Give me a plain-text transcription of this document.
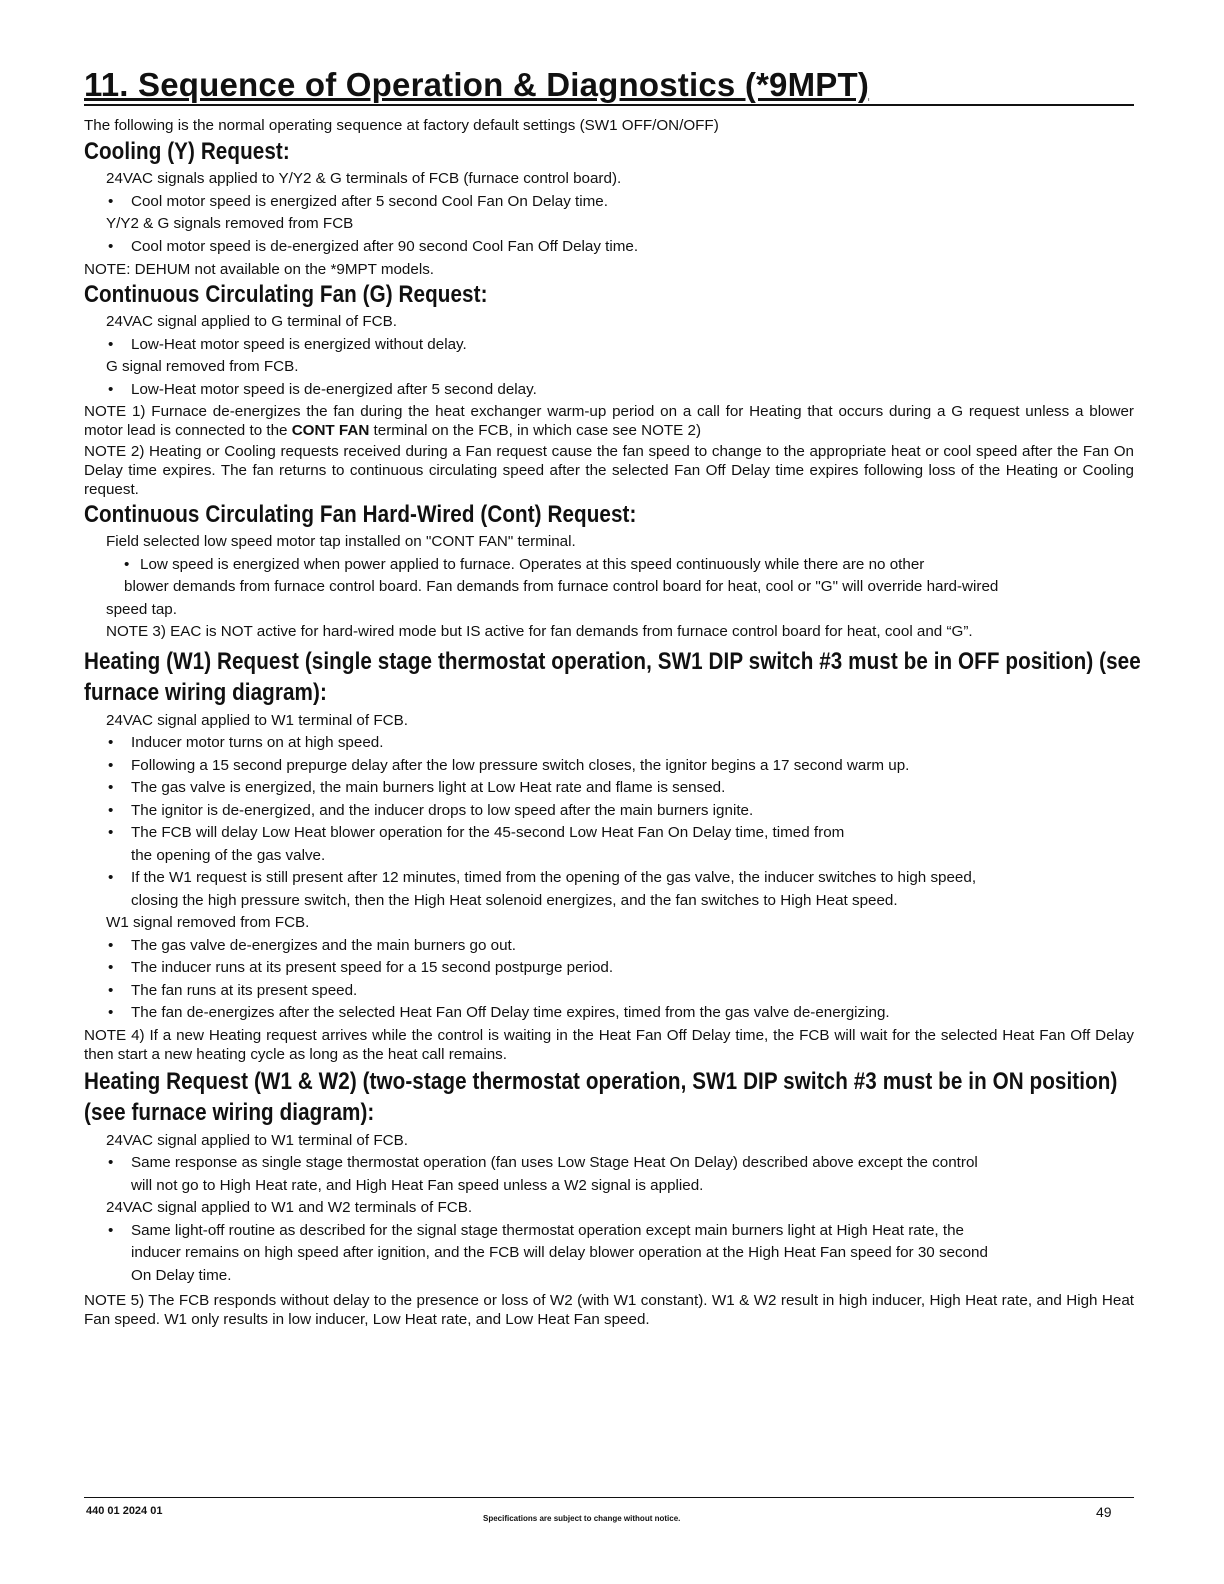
11. Sequence of Operation & Diagnostics (*9MPT)

The following is the normal operating sequence at factory default settings (SW1 OFF/ON/OFF)

Cooling (Y) Request:

24VAC signals applied to Y/Y2 & G terminals of FCB (furnace control board).

• Cool motor speed is energized after 5 second Cool Fan On Delay time.

Y/Y2 & G signals removed from FCB

• Cool motor speed is de-energized after 90 second Cool Fan Off Delay time.

NOTE: DEHUM not available on the *9MPT models.

Continuous Circulating Fan (G) Request:

24VAC signal applied to G terminal of FCB.

• Low-Heat motor speed is energized without delay.

G signal removed from FCB.

• Low-Heat motor speed is de-energized after 5 second delay.

NOTE 1) Furnace de-energizes the fan during the heat exchanger warm-up period on a call for Heating that occurs during a G request unless a blower motor lead is connected to the CONT FAN terminal on the FCB, in which case see NOTE 2)

NOTE 2) Heating or Cooling requests received during a Fan request cause the fan speed to change to the appropriate heat or cool speed after the Fan On Delay time expires. The fan returns to continuous circulating speed after the selected Fan Off Delay time expires following loss of the Heating or Cooling request.

Continuous Circulating Fan Hard-Wired (Cont) Request:

Field selected low speed motor tap installed on "CONT FAN" terminal.

• Low speed is energized when power applied to furnace. Operates at this speed continuously while there are no other

blower demands from furnace control board. Fan demands from furnace control board for heat, cool or "G" will override hard-wired

speed tap.

NOTE 3) EAC is NOT active for hard-wired mode but IS active for fan demands from furnace control board for heat, cool and “G”.

Heating (W1) Request (single stage thermostat operation, SW1 DIP switch #3 must be in OFF position) (see furnace wiring diagram):

24VAC signal applied to W1 terminal of FCB.

• Inducer motor turns on at high speed.

• Following a 15 second prepurge delay after the low pressure switch closes, the ignitor begins a 17 second warm up.

• The gas valve is energized, the main burners light at Low Heat rate and flame is sensed.

• The ignitor is de-energized, and the inducer drops to low speed after the main burners ignite.

• The FCB will delay Low Heat blower operation for the 45-second Low Heat Fan On Delay time, timed from

the opening of the gas valve.

• If the W1 request is still present after 12 minutes, timed from the opening of the gas valve, the inducer switches to high speed,

closing the high pressure switch, then the High Heat solenoid energizes, and the fan switches to High Heat speed.

W1 signal removed from FCB.

• The gas valve de-energizes and the main burners go out.

• The inducer runs at its present speed for a 15 second postpurge period.

• The fan runs at its present speed.

• The fan de-energizes after the selected Heat Fan Off Delay time expires, timed from the gas valve de-energizing.

NOTE 4) If a new Heating request arrives while the control is waiting in the Heat Fan Off Delay time, the FCB will wait for the selected Heat Fan Off Delay then start a new heating cycle as long as the heat call remains.

Heating Request (W1 & W2) (two-stage thermostat operation, SW1 DIP switch #3 must be in ON position) (see furnace wiring diagram):

24VAC signal applied to W1 terminal of FCB.

• Same response as single stage thermostat operation (fan uses Low Stage Heat On Delay) described above except the control

will not go to High Heat rate, and High Heat Fan speed unless a W2 signal is applied.

24VAC signal applied to W1 and W2 terminals of FCB.

• Same light-off routine as described for the signal stage thermostat operation except main burners light at High Heat rate, the

inducer remains on high speed after ignition, and the FCB will delay blower operation at the High Heat Fan speed for 30 second

On Delay time.

NOTE 5) The FCB responds without delay to the presence or loss of W2 (with W1 constant). W1 & W2 result in high inducer, High Heat rate, and High Heat Fan speed. W1 only results in low inducer, Low Heat rate, and Low Heat Fan speed.

440 01 2024 01
Specifications are subject to change without notice.	49
